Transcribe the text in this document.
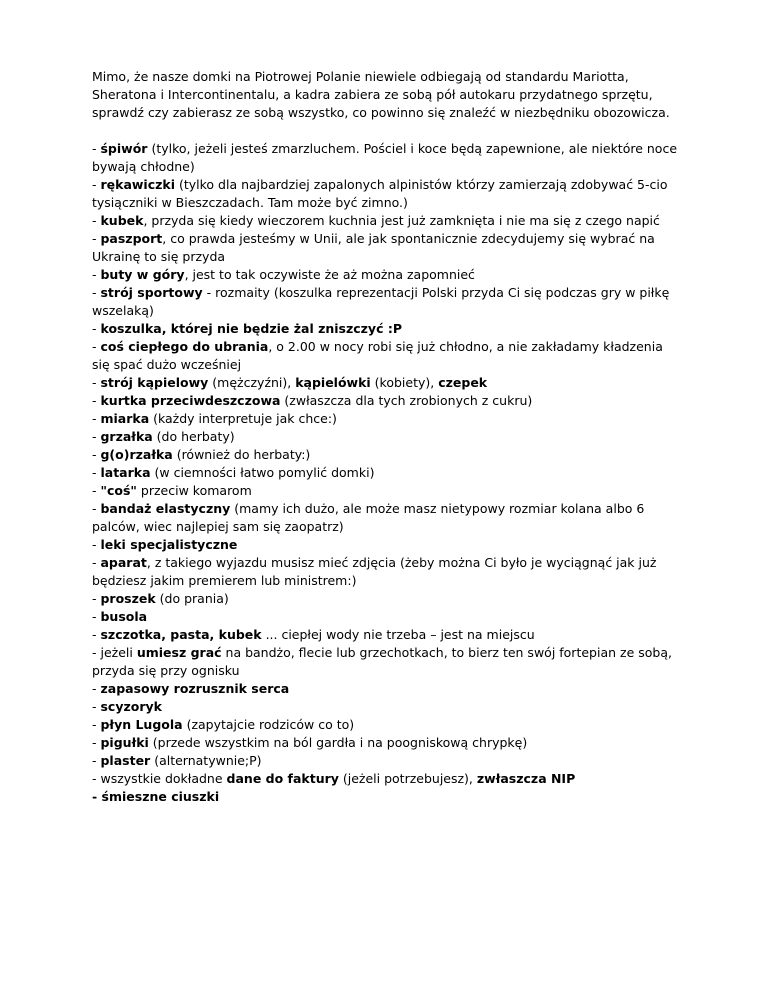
Mimo, że nasze domki na Piotrowej Polanie niewiele odbiegają od standardu Mariotta, Sheratona i Intercontinentalu, a kadra zabiera ze sobą pół autokaru przydatnego sprzętu, sprawdź czy zabierasz ze sobą wszystko, co powinno się znaleźć w niezbędniku obozowicza.

- śpiwór (tylko, jeżeli jesteś zmarzluchem. Pościel i koce będą zapewnione, ale niektóre noce bywają chłodne)
- rękawiczki (tylko dla najbardziej zapalonych alpinistów którzy zamierzają zdobywać 5-cio tysiączniki w Bieszczadach. Tam może być zimno.)
- kubek, przyda się kiedy wieczorem kuchnia jest już zamknięta i nie ma się z czego napić
- paszport, co prawda jesteśmy w Unii, ale jak spontanicznie zdecydujemy się wybrać na Ukrainę to się przyda
- buty w góry, jest to tak oczywiste że aż można zapomnieć
- strój sportowy - rozmaity (koszulka reprezentacji Polski przyda Ci się podczas gry w piłkę wszelaką)
- koszulka, której nie będzie żal zniszczyć :P
- coś ciepłego do ubrania, o 2.00 w nocy robi się już chłodno, a nie zakładamy kładzenia się spać dużo wcześniej
- strój kąpielowy (mężczyźni), kąpielówki (kobiety), czepek
- kurtka przeciwdeszczowa (zwłaszcza dla tych zrobionych z cukru)
- miarka (każdy interpretuje jak chce:)
- grzałka (do herbaty)
- g(o)rzałka (również do herbaty:)
- latarka (w ciemności łatwo pomylić domki)
- "coś" przeciw komarom
- bandaż elastyczny (mamy ich dużo, ale może masz nietypowy rozmiar kolana albo 6 palców, wiec najlepiej sam się zaopatrz)
- leki specjalistyczne
- aparat, z takiego wyjazdu musisz mieć zdjęcia (żeby można Ci było je wyciągnąć jak już będziesz jakim premierem lub ministrem:)
- proszek (do prania)
- busola
- szczotka, pasta, kubek ... ciepłej wody nie trzeba – jest na miejscu
- jeżeli umiesz grać na bandżo, flecie lub grzechotkach, to bierz ten swój fortepian ze sobą, przyda się przy ognisku
- zapasowy rozrusznik serca
- scyzoryk
- płyn Lugola (zapytajcie rodziców co to)
- pigułki (przede wszystkim na ból gardła i na poogniskową chrypkę)
- plaster (alternatywnie;P)
- wszystkie dokładne dane do faktury (jeżeli potrzebujesz), zwłaszcza NIP
- śmieszne ciuszki
